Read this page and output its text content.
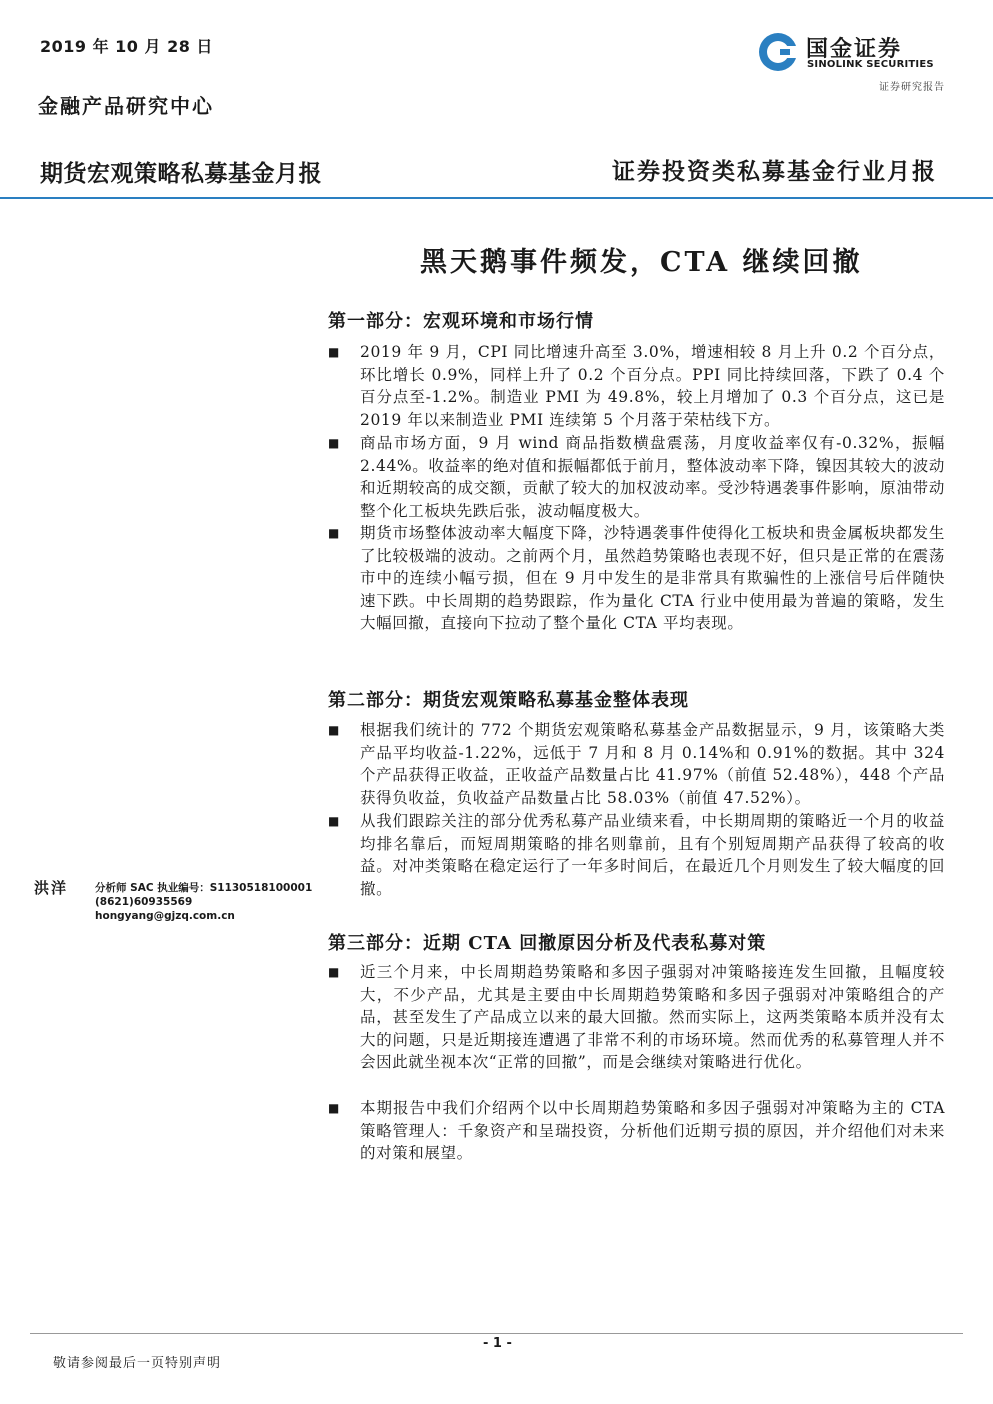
2019 年 10 月 28 日
金融产品研究中心
国金证券
SINOLINK SECURITIES
证券研究报告
期货宏观策略私募基金月报	证券投资类私募基金行业月报
黑天鹅事件频发，CTA 继续回撤
第一部分：宏观环境和市场行情
■ 2019 年 9 月，CPI 同比增速升高至 3.0%，增速相较 8 月上升 0.2 个百分点，环比增长 0.9%，同样上升了 0.2 个百分点。PPI 同比持续回落，下跌了 0.4 个百分点至-1.2%。制造业 PMI 为 49.8%，较上月增加了 0.3 个百分点，这已是 2019 年以来制造业 PMI 连续第 5 个月落于荣枯线下方。
■ 商品市场方面，9 月 wind 商品指数横盘震荡，月度收益率仅有-0.32%，振幅 2.44%。收益率的绝对值和振幅都低于前月，整体波动率下降，镍因其较大的波动和近期较高的成交额，贡献了较大的加权波动率。受沙特遇袭事件影响，原油带动整个化工板块先跌后张，波动幅度极大。
■ 期货市场整体波动率大幅度下降，沙特遇袭事件使得化工板块和贵金属板块都发生了比较极端的波动。之前两个月，虽然趋势策略也表现不好，但只是正常的在震荡市中的连续小幅亏损，但在 9 月中发生的是非常具有欺骗性的上涨信号后伴随快速下跌。中长周期的趋势跟踪，作为量化 CTA 行业中使用最为普遍的策略，发生大幅回撤，直接向下拉动了整个量化 CTA 平均表现。
第二部分：期货宏观策略私募基金整体表现
■ 根据我们统计的 772 个期货宏观策略私募基金产品数据显示，9 月，该策略大类产品平均收益-1.22%，远低于 7 月和 8 月 0.14%和 0.91%的数据。其中 324 个产品获得正收益，正收益产品数量占比 41.97%（前值 52.48%），448 个产品获得负收益，负收益产品数量占比 58.03%（前值 47.52%）。
■ 从我们跟踪关注的部分优秀私募产品业绩来看，中长期周期的策略近一个月的收益均排名靠后，而短周期策略的排名则靠前，且有个别短周期产品获得了较高的收益。对冲类策略在稳定运行了一年多时间后，在最近几个月则发生了较大幅度的回撤。
洪洋	分析师 SAC 执业编号：S1130518100001
(8621)60935569
hongyang@gjzq.com.cn
第三部分：近期 CTA 回撤原因分析及代表私募对策
■ 近三个月来，中长周期趋势策略和多因子强弱对冲策略接连发生回撤，且幅度较大，不少产品，尤其是主要由中长周期趋势策略和多因子强弱对冲策略组合的产品，甚至发生了产品成立以来的最大回撤。然而实际上，这两类策略本质并没有太大的问题，只是近期接连遭遇了非常不利的市场环境。然而优秀的私募管理人并不会因此就坐视本次“正常的回撤”，而是会继续对策略进行优化。
■ 本期报告中我们介绍两个以中长周期趋势策略和多因子强弱对冲策略为主的 CTA 策略管理人：千象资产和呈瑞投资，分析他们近期亏损的原因，并介绍他们对未来的对策和展望。
- 1 -
敬请参阅最后一页特别声明
